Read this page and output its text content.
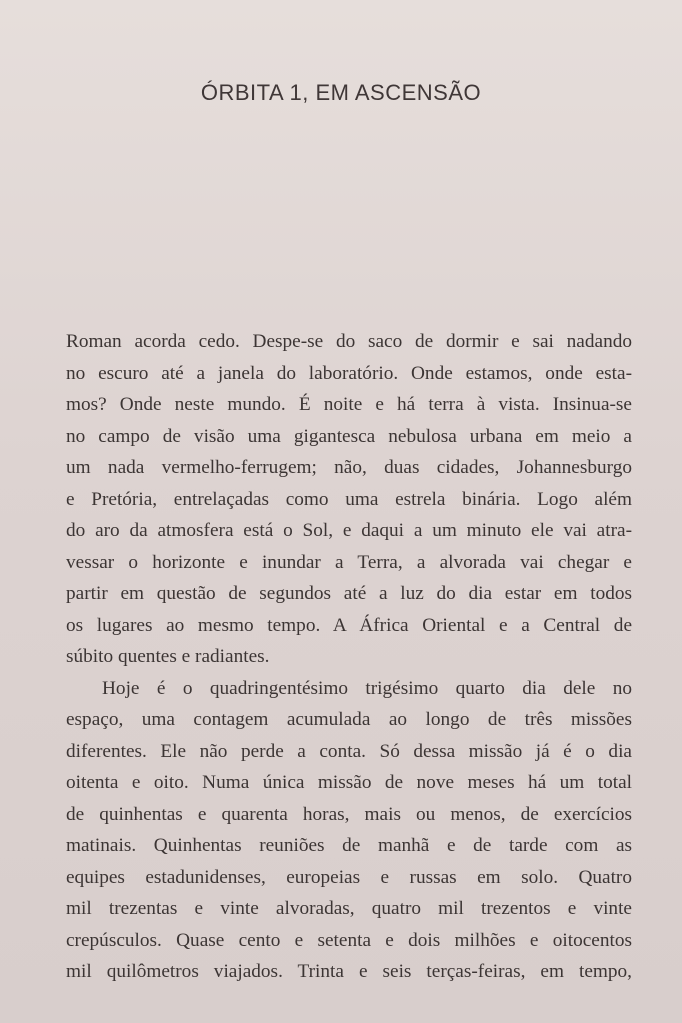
ÓRBITA 1, EM ASCENSÃO
Roman acorda cedo. Despe-se do saco de dormir e sai nadando
no escuro até a janela do laboratório. Onde estamos, onde esta-
mos? Onde neste mundo. É noite e há terra à vista. Insinua-se
no campo de visão uma gigantesca nebulosa urbana em meio a
um nada vermelho-ferrugem; não, duas cidades, Johannesburgo
e Pretória, entrelaçadas como uma estrela binária. Logo além
do aro da atmosfera está o Sol, e daqui a um minuto ele vai atra-
vessar o horizonte e inundar a Terra, a alvorada vai chegar e
partir em questão de segundos até a luz do dia estar em todos
os lugares ao mesmo tempo. A África Oriental e a Central de
súbito quentes e radiantes.
Hoje é o quadringentésimo trigésimo quarto dia dele no
espaço, uma contagem acumulada ao longo de três missões
diferentes. Ele não perde a conta. Só dessa missão já é o dia
oitenta e oito. Numa única missão de nove meses há um total
de quinhentas e quarenta horas, mais ou menos, de exercícios
matinais. Quinhentas reuniões de manhã e de tarde com as
equipes estadunidenses, europeias e russas em solo. Quatro
mil trezentas e vinte alvoradas, quatro mil trezentos e vinte
crepúsculos. Quase cento e setenta e dois milhões e oitocentos
mil quilômetros viajados. Trinta e seis terças-feiras, em tempo,
